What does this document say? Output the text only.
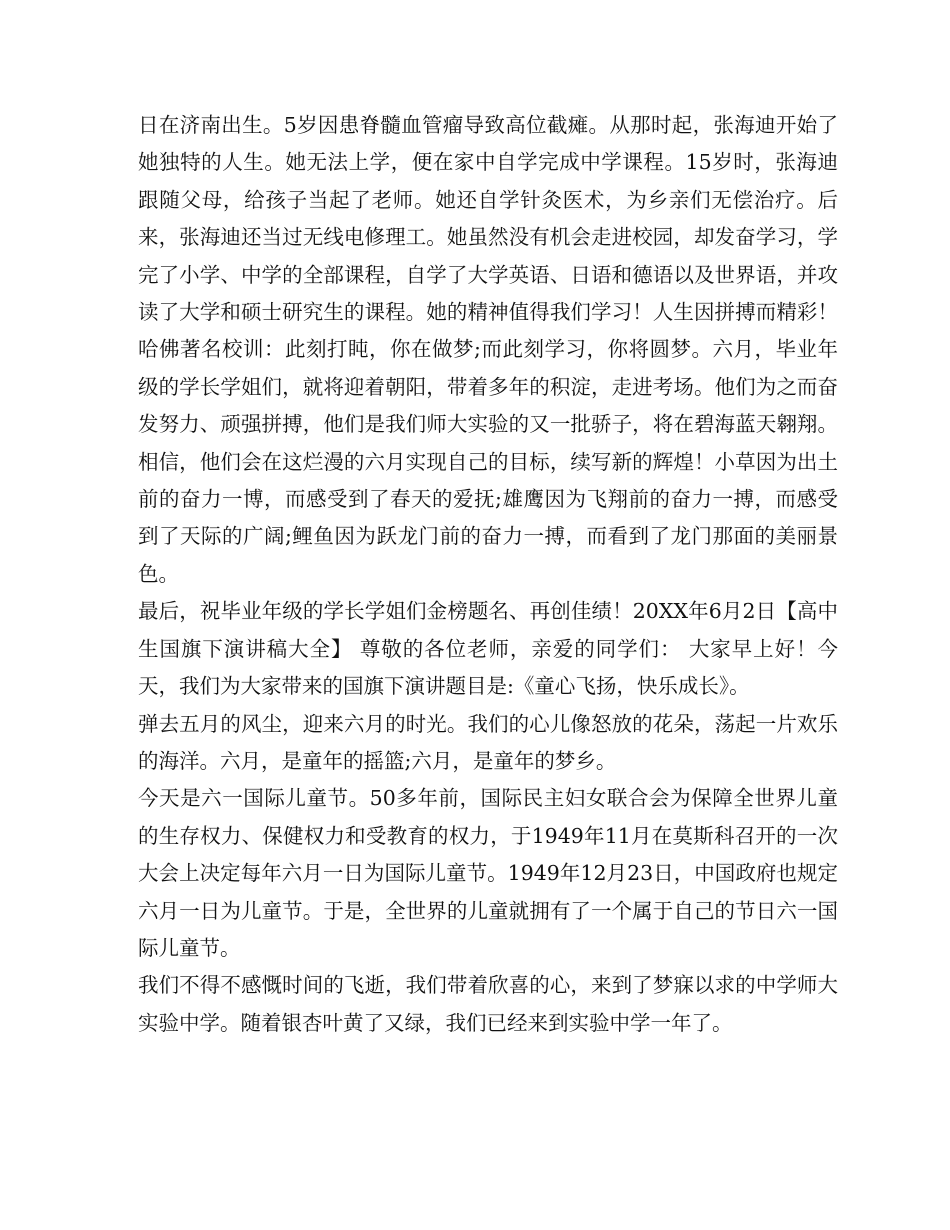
日在济南出生。5岁因患脊髓血管瘤导致高位截瘫。从那时起，张海迪开始了她独特的人生。她无法上学，便在家中自学完成中学课程。15岁时，张海迪跟随父母，给孩子当起了老师。她还自学针灸医术，为乡亲们无偿治疗。后来，张海迪还当过无线电修理工。她虽然没有机会走进校园，却发奋学习，学完了小学、中学的全部课程，自学了大学英语、日语和德语以及世界语，并攻读了大学和硕士研究生的课程。她的精神值得我们学习！人生因拼搏而精彩！哈佛著名校训：此刻打盹，你在做梦;而此刻学习，你将圆梦。六月，毕业年级的学长学姐们，就将迎着朝阳，带着多年的积淀，走进考场。他们为之而奋发努力、顽强拼搏，他们是我们师大实验的又一批骄子，将在碧海蓝天翱翔。相信，他们会在这烂漫的六月实现自己的目标，续写新的辉煌！小草因为出土前的奋力一博，而感受到了春天的爱抚;雄鹰因为飞翔前的奋力一搏，而感受到了天际的广阔;鲤鱼因为跃龙门前的奋力一搏，而看到了龙门那面的美丽景色。

最后，祝毕业年级的学长学姐们金榜题名、再创佳绩！20XX年6月2日【高中生国旗下演讲稿大全】 尊敬的各位老师，亲爱的同学们： 大家早上好！今天，我们为大家带来的国旗下演讲题目是:《童心飞扬，快乐成长》。

弹去五月的风尘，迎来六月的时光。我们的心儿像怒放的花朵，荡起一片欢乐的海洋。六月，是童年的摇篮;六月，是童年的梦乡。

今天是六一国际儿童节。50多年前，国际民主妇女联合会为保障全世界儿童的生存权力、保健权力和受教育的权力，于1949年11月在莫斯科召开的一次大会上决定每年六月一日为国际儿童节。1949年12月23日，中国政府也规定六月一日为儿童节。于是，全世界的儿童就拥有了一个属于自己的节日六一国际儿童节。

我们不得不感慨时间的飞逝，我们带着欣喜的心，来到了梦寐以求的中学师大实验中学。随着银杏叶黄了又绿，我们已经来到实验中学一年了。
